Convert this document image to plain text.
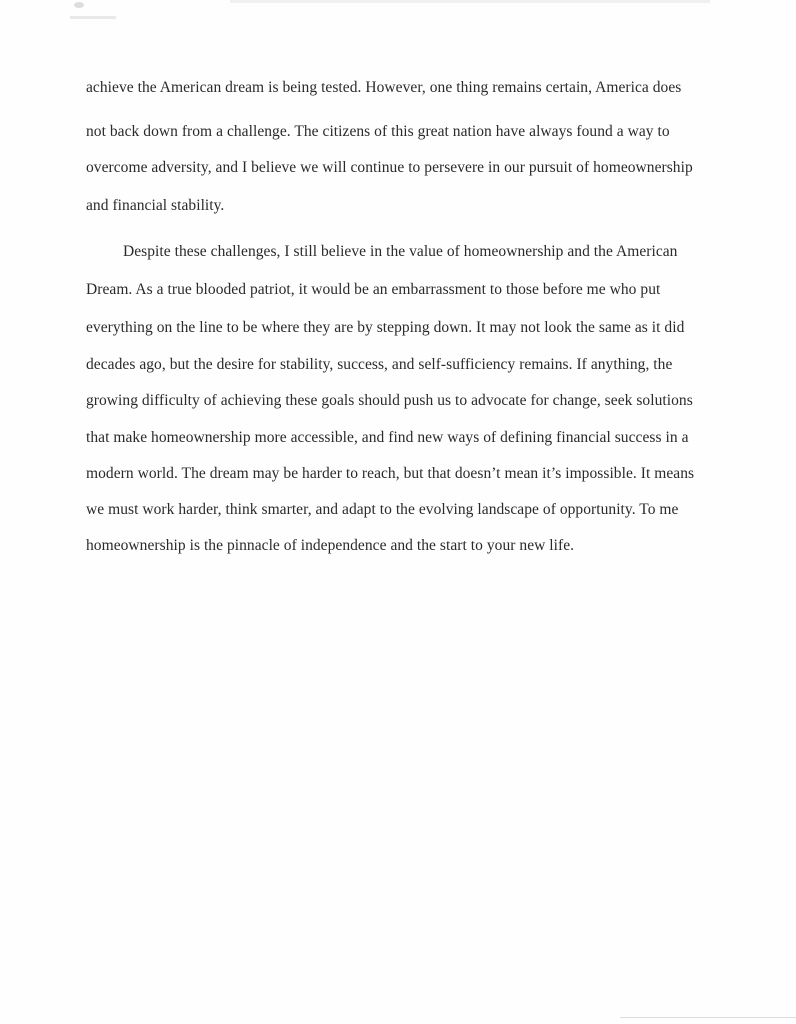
achieve the American dream is being tested. However, one thing remains certain, America does
not back down from a challenge. The citizens of this great nation have always found a way to
overcome adversity, and I believe we will continue to persevere in our pursuit of homeownership
and financial stability.
Despite these challenges, I still believe in the value of homeownership and the American
Dream. As a true blooded patriot, it would be an embarrassment to those before me who put
everything on the line to be where they are by stepping down. It may not look the same as it did
decades ago, but the desire for stability, success, and self-sufficiency remains. If anything, the
growing difficulty of achieving these goals should push us to advocate for change, seek solutions
that make homeownership more accessible, and find new ways of defining financial success in a
modern world. The dream may be harder to reach, but that doesn’t mean it’s impossible. It means
we must work harder, think smarter, and adapt to the evolving landscape of opportunity. To me
homeownership is the pinnacle of independence and the start to your new life.
